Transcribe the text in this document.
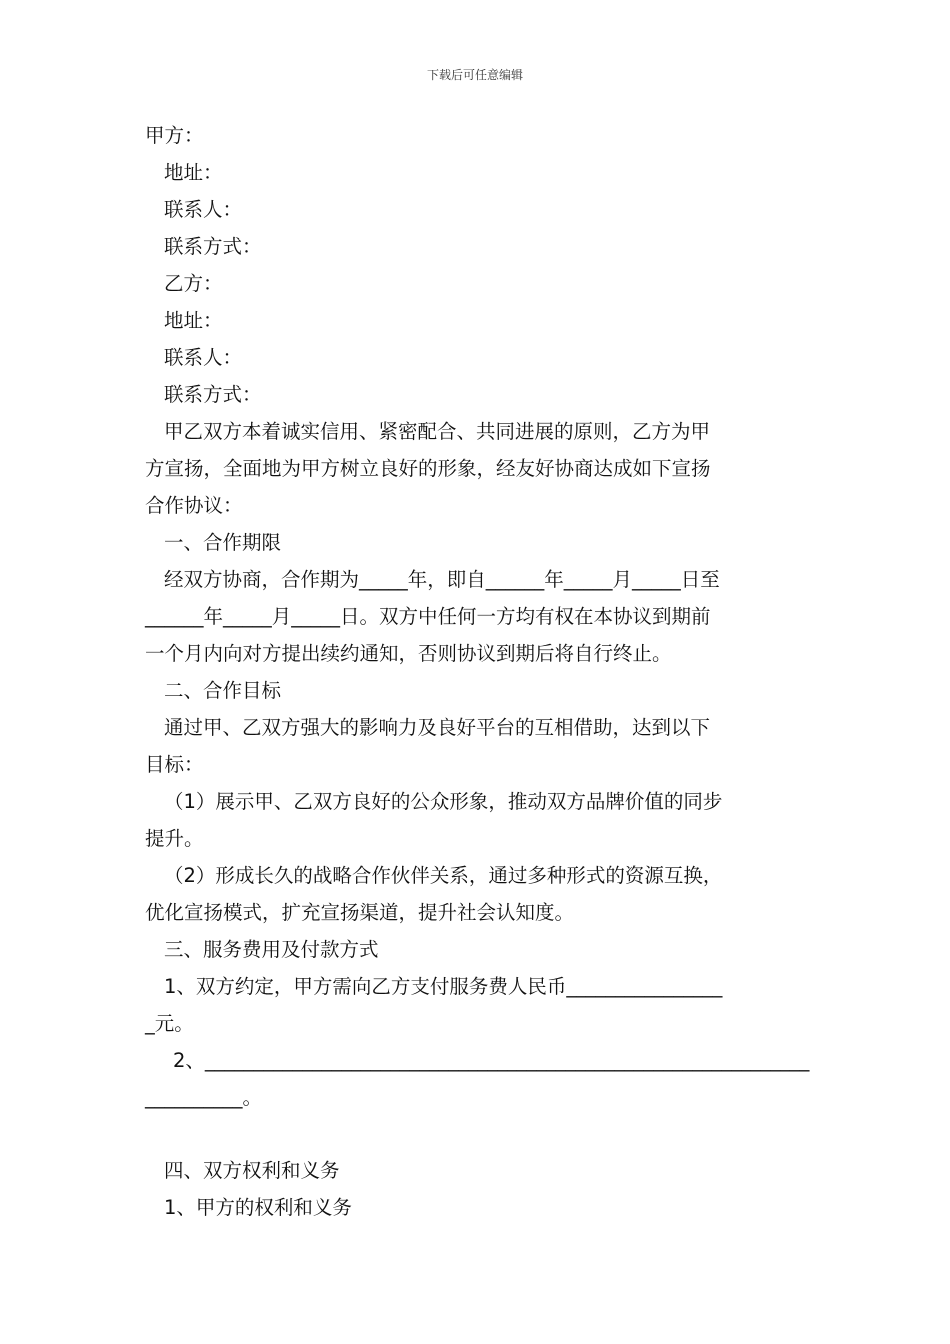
下载后可任意编辑
甲方：
地址：
联系人：
联系方式：
乙方：
地址：
联系人：
联系方式：
甲乙双方本着诚实信用、紧密配合、共同进展的原则，乙方为甲
方宣扬，全面地为甲方树立良好的形象，经友好协商达成如下宣扬
合作协议：
一、合作期限
经双方协商，合作期为_____年，即自______年_____月_____日至
______年_____月_____日。双方中任何一方均有权在本协议到期前
一个月内向对方提出续约通知，否则协议到期后将自行终止。
二、合作目标
通过甲、乙双方强大的影响力及良好平台的互相借助，达到以下
目标：
（1）展示甲、乙双方良好的公众形象，推动双方品牌价值的同步
提升。
（2）形成长久的战略合作伙伴关系，通过多种形式的资源互换，
优化宣扬模式，扩充宣扬渠道，提升社会认知度。
三、服务费用及付款方式
1、双方约定，甲方需向乙方支付服务费人民币________________
_元。
2、______________________________________________________________
__________。
四、双方权利和义务
1、甲方的权利和义务
